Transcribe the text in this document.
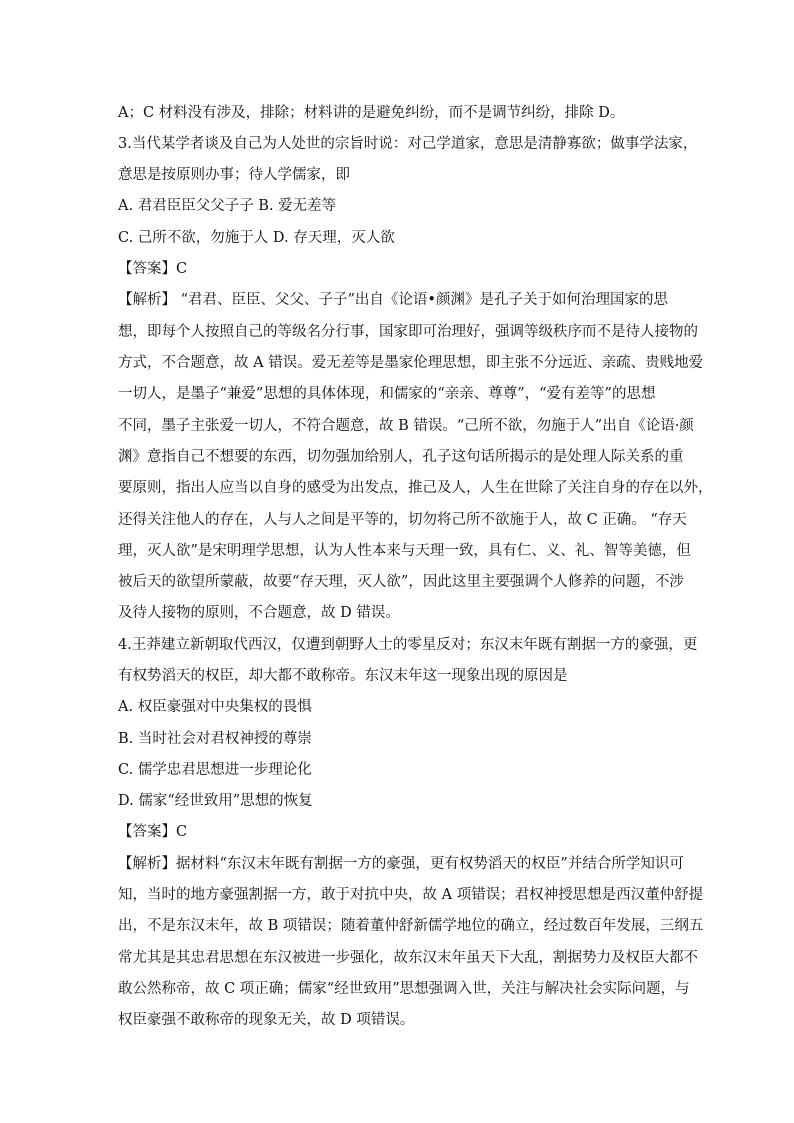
A；C 材料没有涉及，排除；材料讲的是避免纠纷，而不是调节纠纷，排除 D。
3.当代某学者谈及自己为人处世的宗旨时说：对己学道家，意思是清静寡欲；做事学法家，
意思是按原则办事；待人学儒家，即
A. 君君臣臣父父子子 B. 爱无差等
C. 己所不欲，勿施于人 D. 存天理，灭人欲
【答案】C
【解析】 “君君、臣臣、父父、子子”出自《论语•颜渊》是孔子关于如何治理国家的思
想，即每个人按照自己的等级名分行事，国家即可治理好，强调等级秩序而不是待人接物的
方式，不合题意，故 A 错误。爱无差等是墨家伦理思想，即主张不分远近、亲疏、贵贱地爱
一切人，是墨子“兼爱”思想的具体体现，和儒家的“亲亲、尊尊”，“爱有差等”的思想
不同，墨子主张爱一切人，不符合题意，故 B 错误。“己所不欲，勿施于人”出自《论语·颜
渊》意指自己不想要的东西，切勿强加给别人，孔子这句话所揭示的是处理人际关系的重
要原则，指出人应当以自身的感受为出发点，推己及人，人生在世除了关注自身的存在以外，
还得关注他人的存在，人与人之间是平等的，切勿将己所不欲施于人，故 C 正确。 “存天
理，灭人欲”是宋明理学思想，认为人性本来与天理一致，具有仁、义、礼、智等美德，但
被后天的欲望所蒙蔽，故要“存天理，灭人欲”，因此这里主要强调个人修养的问题，不涉
及待人接物的原则，不合题意，故 D 错误。
4.王莽建立新朝取代西汉，仅遭到朝野人士的零星反对；东汉末年既有割据一方的豪强，更
有权势滔天的权臣，却大都不敢称帝。东汉末年这一现象出现的原因是
A. 权臣豪强对中央集权的畏惧
B. 当时社会对君权神授的尊崇
C. 儒学忠君思想进一步理论化
D. 儒家“经世致用”思想的恢复
【答案】C
【解析】据材料“东汉末年既有割据一方的豪强，更有权势滔天的权臣”并结合所学知识可
知，当时的地方豪强割据一方，敢于对抗中央，故 A 项错误；君权神授思想是西汉董仲舒提
出，不是东汉末年，故 B 项错误；随着董仲舒新儒学地位的确立，经过数百年发展，三纲五
常尤其是其忠君思想在东汉被进一步强化，故东汉末年虽天下大乱，割据势力及权臣大都不
敢公然称帝，故 C 项正确；儒家“经世致用”思想强调入世，关注与解决社会实际问题，与
权臣豪强不敢称帝的现象无关，故 D 项错误。
